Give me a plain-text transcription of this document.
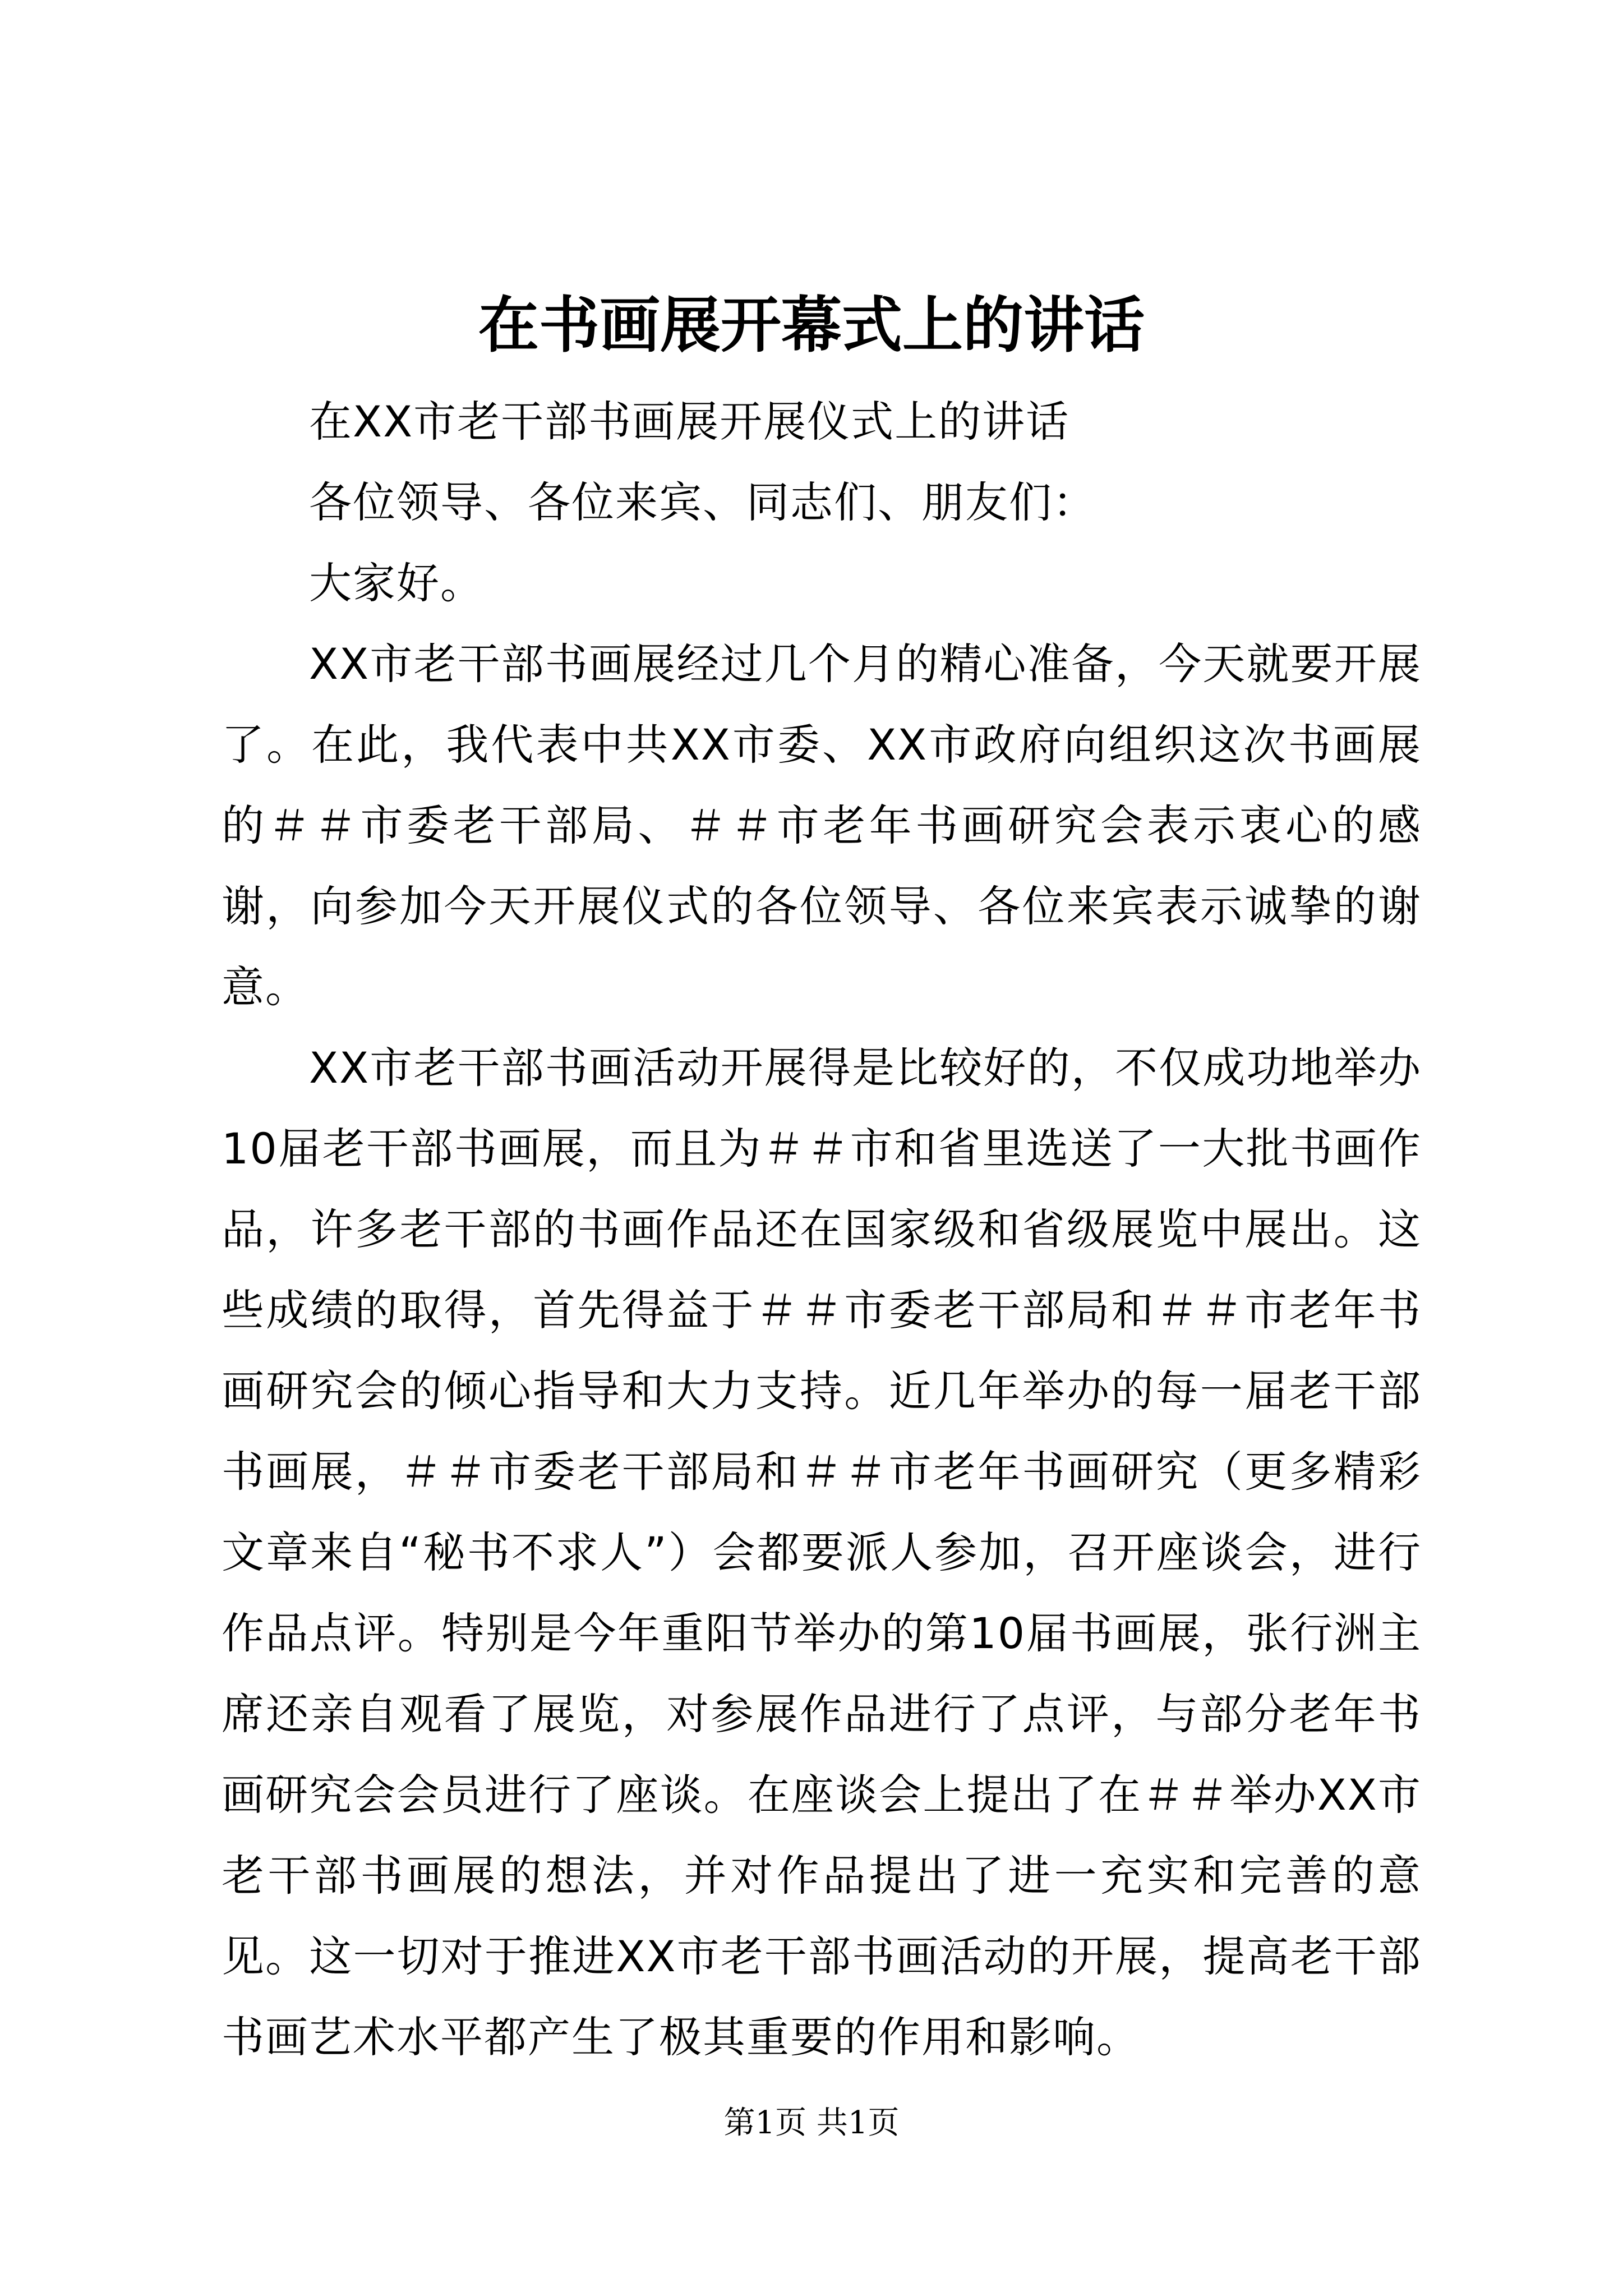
在书画展开幕式上的讲话

在XX市老干部书画展开展仪式上的讲话

各位领导、各位来宾、同志们、朋友们：

大家好。

XX市老干部书画展经过几个月的精心准备，今天就要开展了。在此，我代表中共XX市委、XX市政府向组织这次书画展的＃＃市委老干部局、＃＃市老年书画研究会表示衷心的感谢，向参加今天开展仪式的各位领导、各位来宾表示诚挚的谢意。

XX市老干部书画活动开展得是比较好的，不仅成功地举办10届老干部书画展，而且为＃＃市和省里选送了一大批书画作品，许多老干部的书画作品还在国家级和省级展览中展出。这些成绩的取得，首先得益于＃＃市委老干部局和＃＃市老年书画研究会的倾心指导和大力支持。近几年举办的每一届老干部书画展，＃＃市委老干部局和＃＃市老年书画研究（更多精彩文章来自“秘书不求人”）会都要派人参加，召开座谈会，进行作品点评。特别是今年重阳节举办的第10届书画展，张行洲主席还亲自观看了展览，对参展作品进行了点评，与部分老年书画研究会会员进行了座谈。在座谈会上提出了在＃＃举办XX市老干部书画展的想法，并对作品提出了进一充实和完善的意见。这一切对于推进XX市老干部书画活动的开展，提高老干部书画艺术水平都产生了极其重要的作用和影响。

第1页 共1页
